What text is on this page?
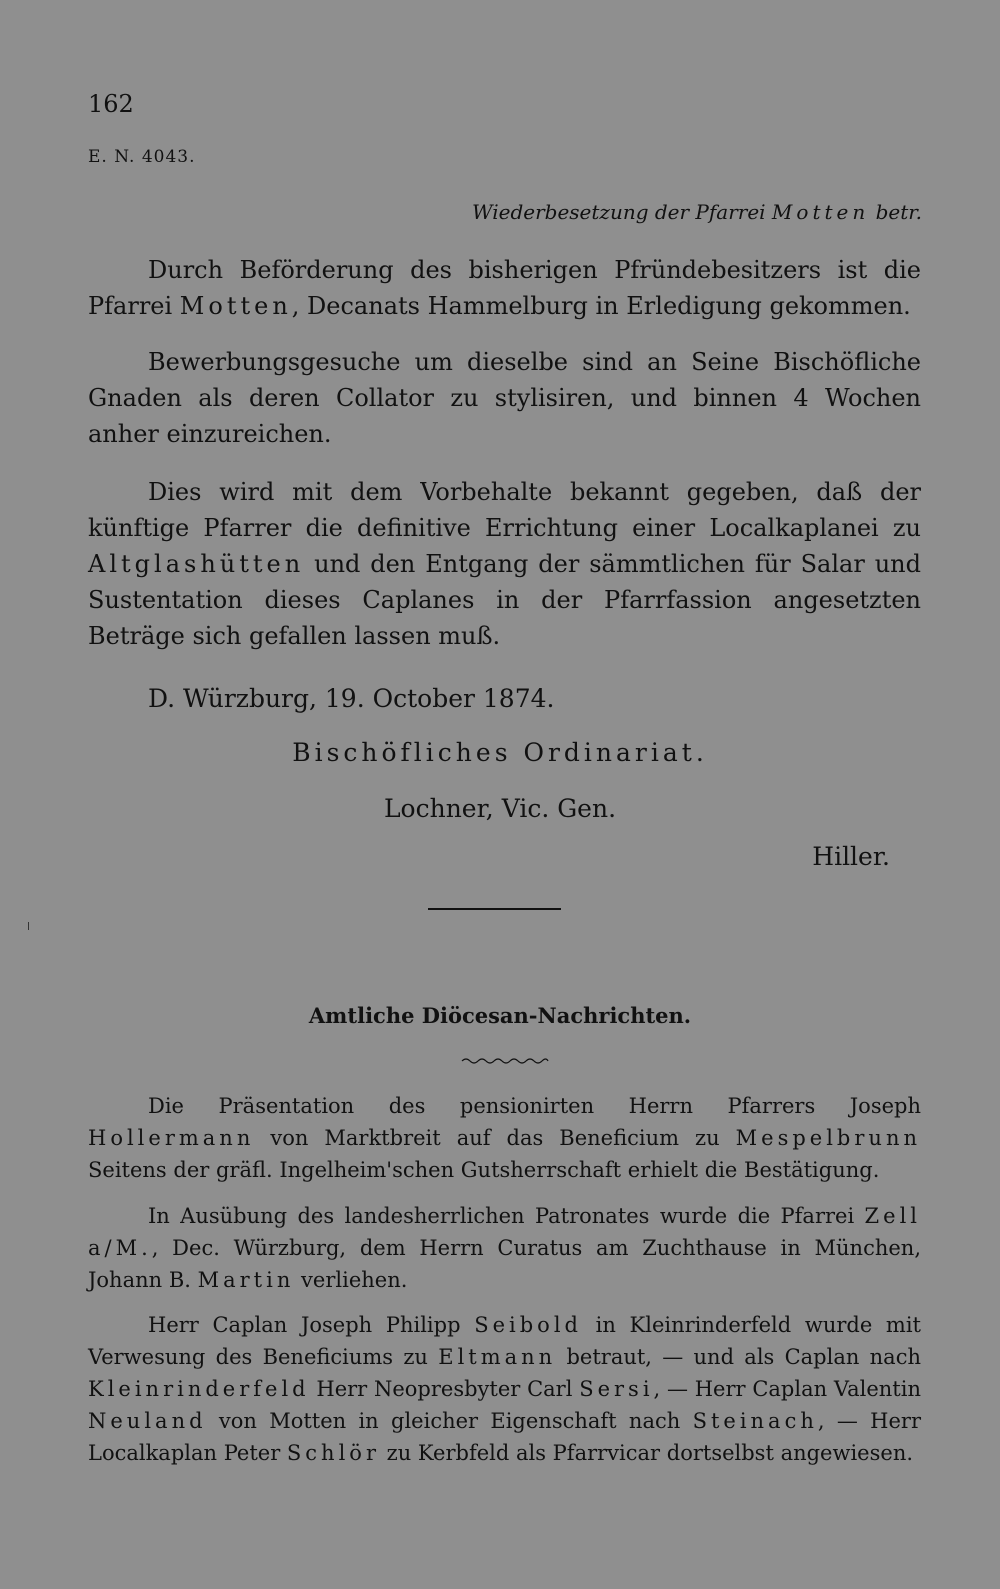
162
E. N. 4043.
Wiederbesetzung der Pfarrei Motten betr.
Durch Beförderung des bisherigen Pfründebesitzers ist die Pfarrei Motten, Decanats Hammelburg in Erledigung gekommen.
Bewerbungsgesuche um dieselbe sind an Seine Bischöfliche Gnaden als deren Collator zu stylisiren, und binnen 4 Wochen anher einzureichen.
Dies wird mit dem Vorbehalte bekannt gegeben, daß der künftige Pfarrer die definitive Errichtung einer Localkaplanei zu Altglashütten und den Entgang der sämmtlichen für Salar und Sustentation dieses Caplanes in der Pfarrfassion angesetzten Beträge sich gefallen lassen muß.
D. Würzburg, 19. October 1874.
Bischöfliches Ordinariat.
Lochner, Vic. Gen.
Hiller.
Amtliche Diöcesan-Nachrichten.
Die Präsentation des pensionirten Herrn Pfarrers Joseph Hollermann von Marktbreit auf das Beneficium zu Mespelbrunn Seitens der gräfl. Ingelheim'schen Gutsherrschaft erhielt die Bestätigung.
In Ausübung des landesherrlichen Patronates wurde die Pfarrei Zell a/M., Dec. Würzburg, dem Herrn Curatus am Zuchthause in München, Johann B. Martin verliehen.
Herr Caplan Joseph Philipp Seibold in Kleinrinderfeld wurde mit Verwesung des Beneficiums zu Eltmann betraut, — und als Caplan nach Kleinrinderfeld Herr Neopresbyter Carl Sersi, — Herr Caplan Valentin Neuland von Motten in gleicher Eigenschaft nach Steinach, — Herr Localkaplan Peter Schlör zu Kerbfeld als Pfarrvicar dortselbst angewiesen.
